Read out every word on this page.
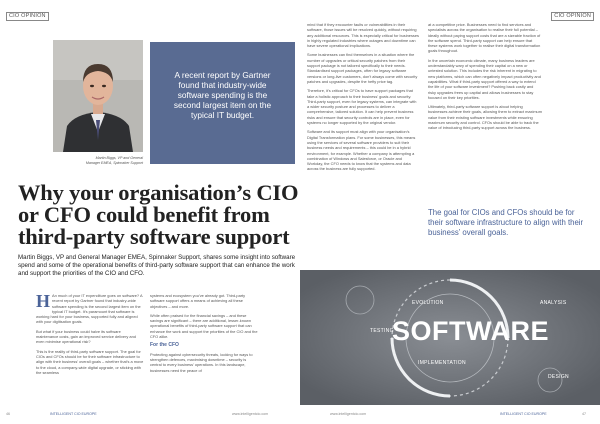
CIO OPINION	CIO OPINION
Martin Biggs, VP and General
Manager EMEA, Spinnaker Support
A recent report by Gartner found that industry-wide software spending is the second largest item on the typical IT budget.
Why your organisation’s CIO or CFO could benefit from third-party software support
Martin Biggs, VP and General Manager EMEA, Spinnaker Support, shares some insight into software spend and some of the operational benefits of third-party software support that can enhance the work and support the priorities of the CIO and CFO.
H An much of your IT expenditure goes on software? A recent report by Gartner found that industry-wide software spending is the second largest item on the typical IT budget. It’s paramount that software is working hard for your business, supported fully and aligned with your digitisation goals.

But what if your business could halve its software maintenance costs, gain an improved service delivery and even minimise operational risk?

This is the reality of third-party software support. The goal for CIOs and CFOs should be for their software infrastructure to align with their business’ overall goals – whether that’s a move to the cloud, a company-wide digital upgrade, or sticking with the seamless

systems and ecosystem you’ve already got. Third-party software support offers a means of achieving all these objectives – and more.

While often praised for the financial savings – and these savings are significant – there are additional, lesser-known operational benefits of third-party software support that can enhance the work and support the priorities of the CIO and the CFO alike.

For the CFO

Protecting against cybersecurity threats, looking for ways to strengthen defences, maximising downtime – security is central to every business’ operations. In this landscape, businesses need the peace of

mind that if they encounter faults or vulnerabilities in their software, those issues will be resolved quickly, without requiring any additional resources. This is especially critical for businesses in highly regulated industries where outages and downtime can have severe operational implications.

Some businesses can find themselves in a situation where the number of upgrades or critical security patches from their support package is not tailored specifically to their needs. Standardised support packages, often for legacy software versions or long-live customers, don’t always come with security patches and upgrades, despite the hefty price tag.

Therefore, it’s critical for CFOs to have support packages that take a holistic approach to their business’ goals and security. Third-party support, even for legacy systems, can integrate with a wider security posture and processes to deliver a comprehensive, tailored solution. It can help prevent business risks and ensure that security controls are in place, even for systems no longer supported by the original vendor.

Software and its support must align with your organisation’s Digital Transformation plans. For some businesses, this means using the services of several software providers to suit their business needs and requirements – this could be in a hybrid environment, for example. Whether a company is attempting a combination of Windows and Salesforce, or Oracle and Workday, the CFO needs to know that the systems and data across the business are fully supported.

at a competitive price. Businesses need to find services and specialists across the organisation to realise their full potential – ideally without paying support costs that are a sizeable fraction of the software spend. Third-party support can help ensure that these systems work together to realise their digital transformation goals throughout.

In the uncertain economic climate, many business leaders are understandably wary of spending their capital on a new or untested solution. This includes the risk inherent in migrating to new platforms, which can often negatively impact productivity and capabilities. What if third-party support offered a way to extend the life of your software investment? Pushing back costly and risky upgrades frees up capital and allows businesses to stay focused on their key priorities.

Ultimately, third-party software support is about helping businesses achieve their goals, allowing them to extract maximum value from their existing software investments while ensuring maximum security and control. CFOs should be able to track the value of introducing third-party support across the business.

The goal for CIOs and CFOs should be for their software infrastructure to align with their business’ overall goals.
SOFTWARE
EVOLUTION	ANALYSIS
TESTING
IMPLEMENTATION
DESIGN
46	INTELLIGENT CIO EUROPE	www.intelligentcio.com	www.intelligentcio.com	INTELLIGENT CIO EUROPE	47
